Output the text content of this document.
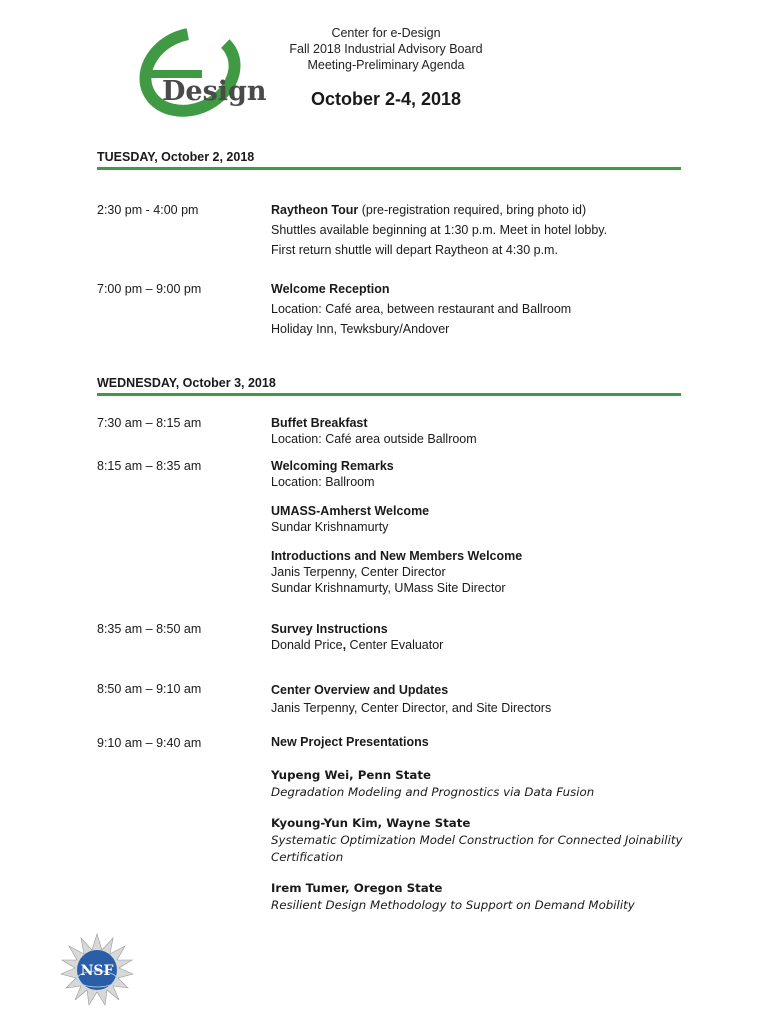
Design
Center for e-Design
Fall 2018 Industrial Advisory Board
Meeting-Preliminary Agenda
October 2-4, 2018
TUESDAY, October 2, 2018
2:30 pm - 4:00 pm	Raytheon Tour (pre-registration required, bring photo id)
Shuttles available beginning at 1:30 p.m. Meet in hotel lobby.
First return shuttle will depart Raytheon at 4:30 p.m.
7:00 pm – 9:00 pm	Welcome Reception
Location: Café area, between restaurant and Ballroom
Holiday Inn, Tewksbury/Andover
WEDNESDAY, October 3, 2018
7:30 am – 8:15 am	Buffet Breakfast
Location: Café area outside Ballroom
8:15 am – 8:35 am	Welcoming Remarks
Location: Ballroom
UMASS-Amherst Welcome
Sundar Krishnamurty
Introductions and New Members Welcome
Janis Terpenny, Center Director
Sundar Krishnamurty, UMass Site Director
8:35 am – 8:50 am	Survey Instructions
Donald Price, Center Evaluator
8:50 am – 9:10 am	Center Overview and Updates
Janis Terpenny, Center Director, and Site Directors
9:10 am – 9:40 am	New Project Presentations
Yupeng Wei, Penn State
Degradation Modeling and Prognostics via Data Fusion
Kyoung-Yun Kim, Wayne State
Systematic Optimization Model Construction for Connected Joinability
Certification
Irem Tumer, Oregon State
Resilient Design Methodology to Support on Demand Mobility
NSF
